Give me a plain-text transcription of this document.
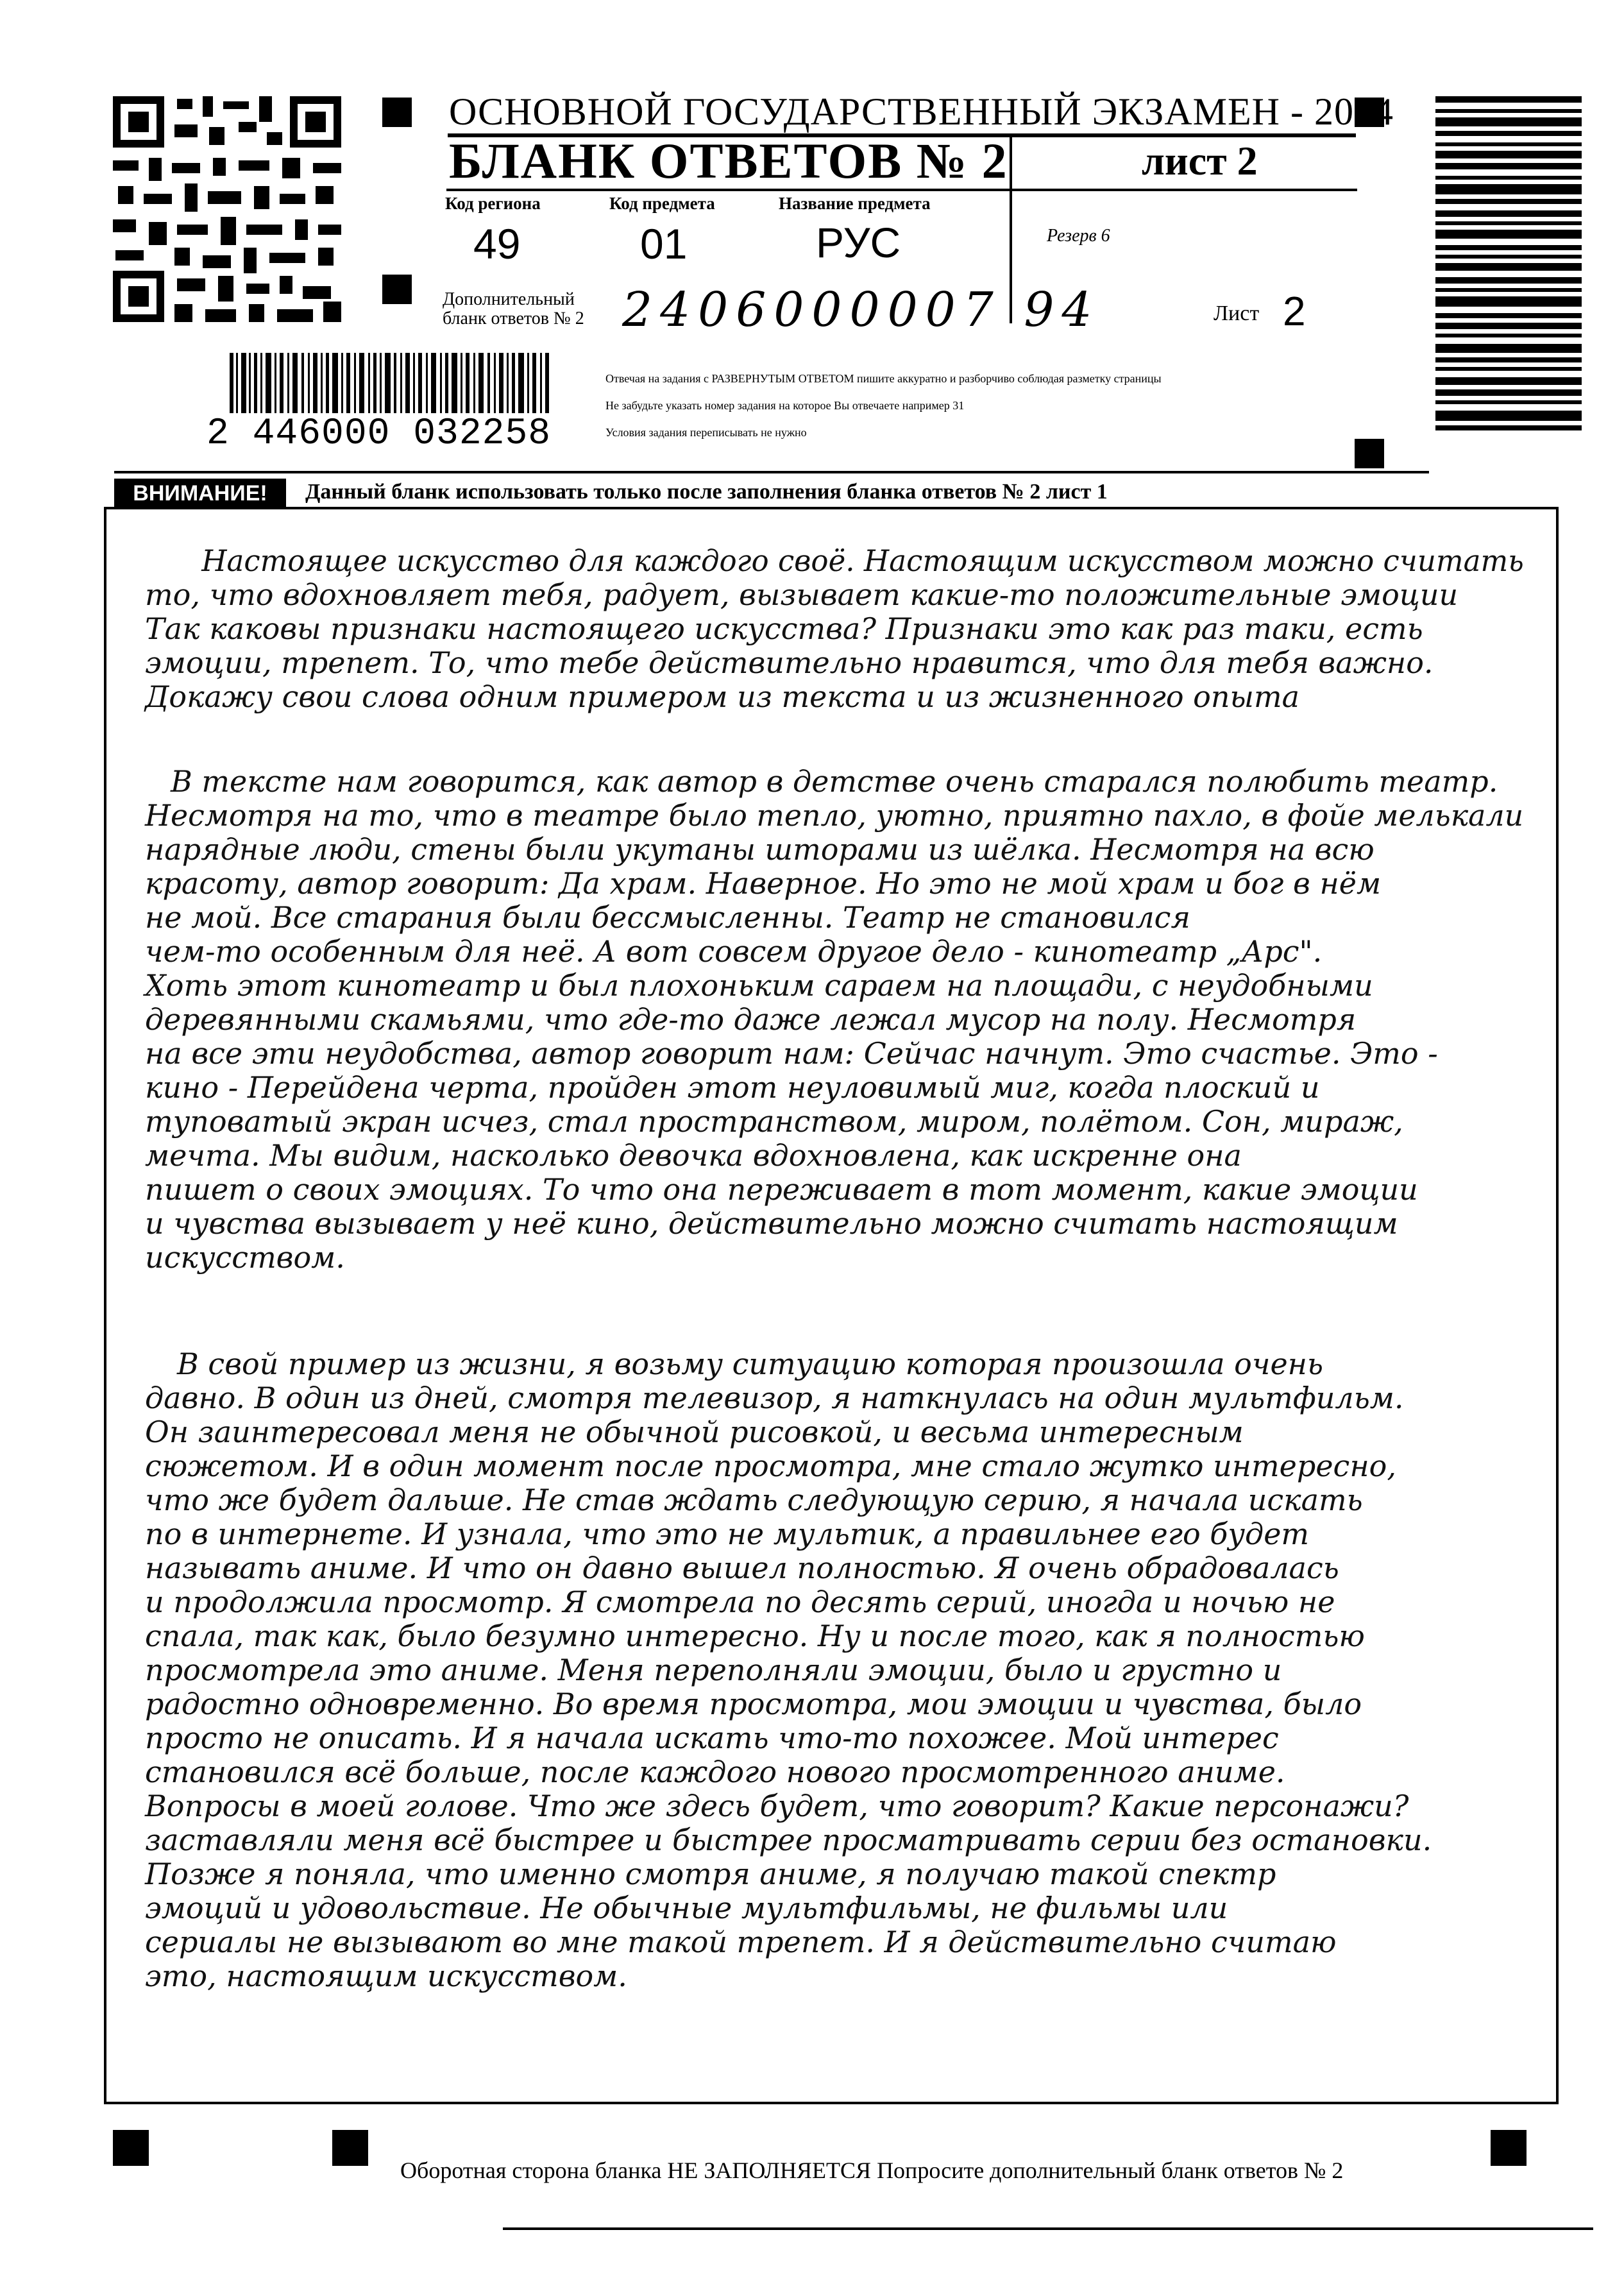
ОСНОВНОЙ ГОСУДАРСТВЕННЫЙ ЭКЗАМЕН - 2024
БЛАНК ОТВЕТОВ № 2	лист 2
Код региона	Код предмета	Название предмета
49	01	РУС	Резерв 6
Дополнительный
бланк ответов № 2 2406000007 94	Лист 2
2 446000 032258
Отвечая на задания с РАЗВЕРНУТЫМ ОТВЕТОМ пишите аккуратно и разборчиво соблюдая разметку страницы
Не забудьте указать номер задания на которое Вы отвечаете например 31
Условия задания переписывать не нужно
ВНИМАНИЕ!	Данный бланк использовать только после заполнения бланка ответов № 2 лист 1
Настоящее искусство для каждого своё. Настоящим искусством можно считать
то, что вдохновляет тебя, радует, вызывает какие-то положительные эмоции
Так каковы признаки настоящего искусства? Признаки это как раз таки, есть
эмоции, трепет. То, что тебе действительно нравится, что для тебя важно.
Докажу свои слова одним примером из текста и из жизненного опыта
В тексте нам говорится, как автор в детстве очень старался полюбить театр.
Несмотря на то, что в театре было тепло, уютно, приятно пахло, в фойе мелькали
нарядные люди, стены были укутаны шторами из шёлка. Несмотря на всю
красоту, автор говорит: Да храм. Наверное. Но это не мой храм и бог в нём
не мой. Все старания были бессмысленны. Театр не становился
чем-то особенным для неё. А вот совсем другое дело - кинотеатр „Арс".
Хоть этот кинотеатр и был плохоньким сараем на площади, с неудобными
деревянными скамьями, что где-то даже лежал мусор на полу. Несмотря
на все эти неудобства, автор говорит нам: Сейчас начнут. Это счастье. Это -
кино - Перейдена черта, пройден этот неуловимый миг, когда плоский и
туповатый экран исчез, стал пространством, миром, полётом. Сон, мираж,
мечта. Мы видим, насколько девочка вдохновлена, как искренне она
пишет о своих эмоциях. То что она переживает в тот момент, какие эмоции
и чувства вызывает у неё кино, действительно можно считать настоящим
искусством.
В свой пример из жизни, я возьму ситуацию которая произошла очень
давно. В один из дней, смотря телевизор, я наткнулась на один мультфильм.
Он заинтересовал меня не обычной рисовкой, и весьма интересным
сюжетом. И в один момент после просмотра, мне стало жутко интересно,
что же будет дальше. Не став ждать следующую серию, я начала искать
по в интернете. И узнала, что это не мультик, а правильнее его будет
называть аниме. И что он давно вышел полностью. Я очень обрадовалась
и продолжила просмотр. Я смотрела по десять серий, иногда и ночью не
спала, так как, было безумно интересно. Ну и после того, как я полностью
просмотрела это аниме. Меня переполняли эмоции, было и грустно и
радостно одновременно. Во время просмотра, мои эмоции и чувства, было
просто не описать. И я начала искать что-то похожее. Мой интерес
становился всё больше, после каждого нового просмотренного аниме.
Вопросы в моей голове. Что же здесь будет, что говорит? Какие персонажи?
заставляли меня всё быстрее и быстрее просматривать серии без остановки.
Позже я поняла, что именно смотря аниме, я получаю такой спектр
эмоций и удовольствие. Не обычные мультфильмы, не фильмы или
сериалы не вызывают во мне такой трепет. И я действительно считаю
это, настоящим искусством.
Оборотная сторона бланка НЕ ЗАПОЛНЯЕТСЯ Попросите дополнительный бланк ответов № 2
